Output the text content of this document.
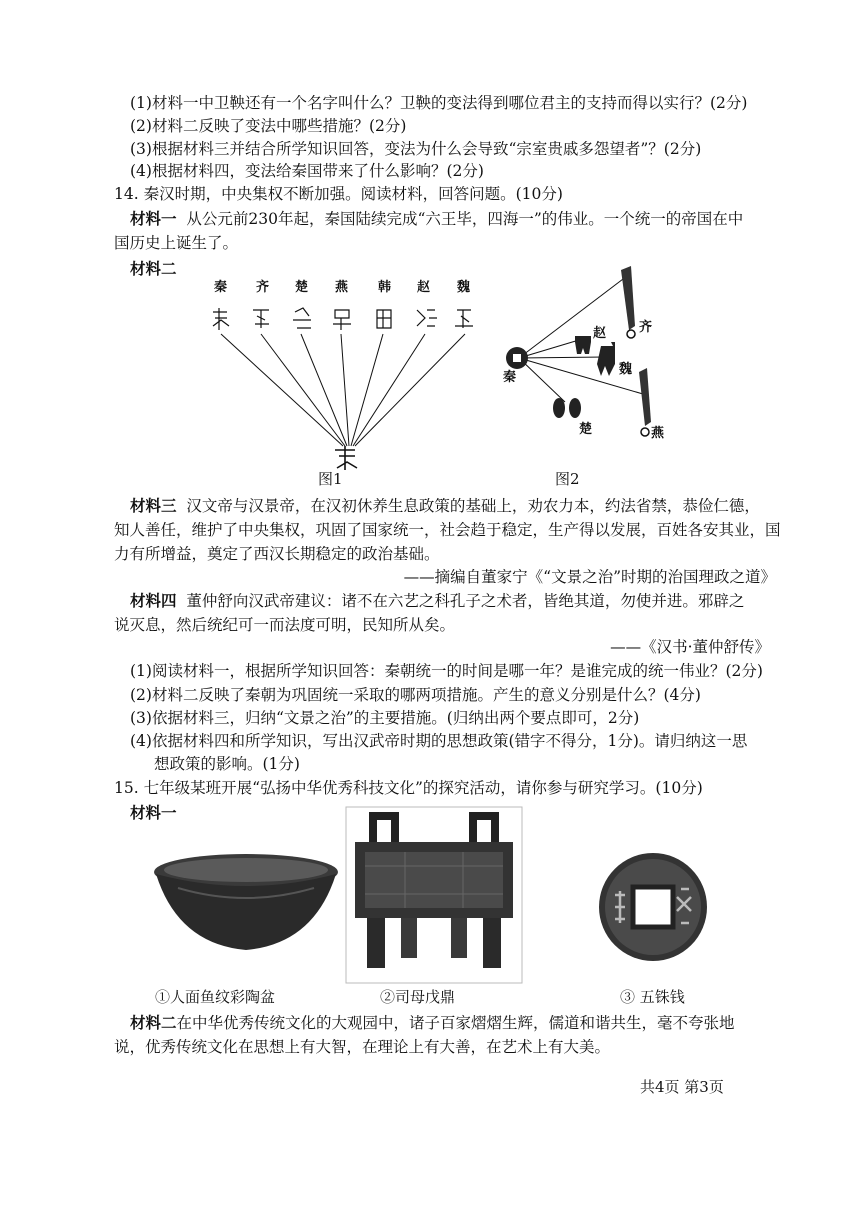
(1)材料一中卫鞅还有一个名字叫什么？卫鞅的变法得到哪位君主的支持而得以实行？(2分)
(2)材料二反映了变法中哪些措施？(2分)
(3)根据材料三并结合所学知识回答，变法为什么会导致“宗室贵戚多怨望者”？(2分)
(4)根据材料四，变法给秦国带来了什么影响？(2分)
14. 秦汉时期，中央集权不断加强。阅读材料，回答问题。(10分)
材料一 从公元前230年起，秦国陆续完成“六王毕，四海一”的伟业。一个统一的帝国在中
国历史上诞生了。
材料二
秦 齐 楚 燕 韩 赵 魏
秦
赵
魏
齐
楚	燕
图1	图2
材料三 汉文帝与汉景帝，在汉初休养生息政策的基础上，劝农力本，约法省禁，恭俭仁德，
知人善任，维护了中央集权，巩固了国家统一，社会趋于稳定，生产得以发展，百姓各安其业，国
力有所增益，奠定了西汉长期稳定的政治基础。
——摘编自董家宁《“文景之治”时期的治国理政之道》
材料四 董仲舒向汉武帝建议：诸不在六艺之科孔子之术者，皆绝其道，勿使并进。邪辟之
说灭息，然后统纪可一而法度可明，民知所从矣。
——《汉书·董仲舒传》
(1)阅读材料一，根据所学知识回答：秦朝统一的时间是哪一年？是谁完成的统一伟业？(2分)
(2)材料二反映了秦朝为巩固统一采取的哪两项措施。产生的意义分别是什么？(4分)
(3)依据材料三，归纳“文景之治”的主要措施。(归纳出两个要点即可，2分)
(4)依据材料四和所学知识，写出汉武帝时期的思想政策(错字不得分，1分)。请归纳这一思
想政策的影响。(1分)
15. 七年级某班开展“弘扬中华优秀科技文化”的探究活动，请你参与研究学习。(10分)
材料一
①人面鱼纹彩陶盆	②司母戊鼎	③ 五铢钱
材料二在中华优秀传统文化的大观园中，诸子百家熠熠生辉，儒道和谐共生，毫不夸张地
说，优秀传统文化在思想上有大智，在理论上有大善，在艺术上有大美。
共4页 第3页
